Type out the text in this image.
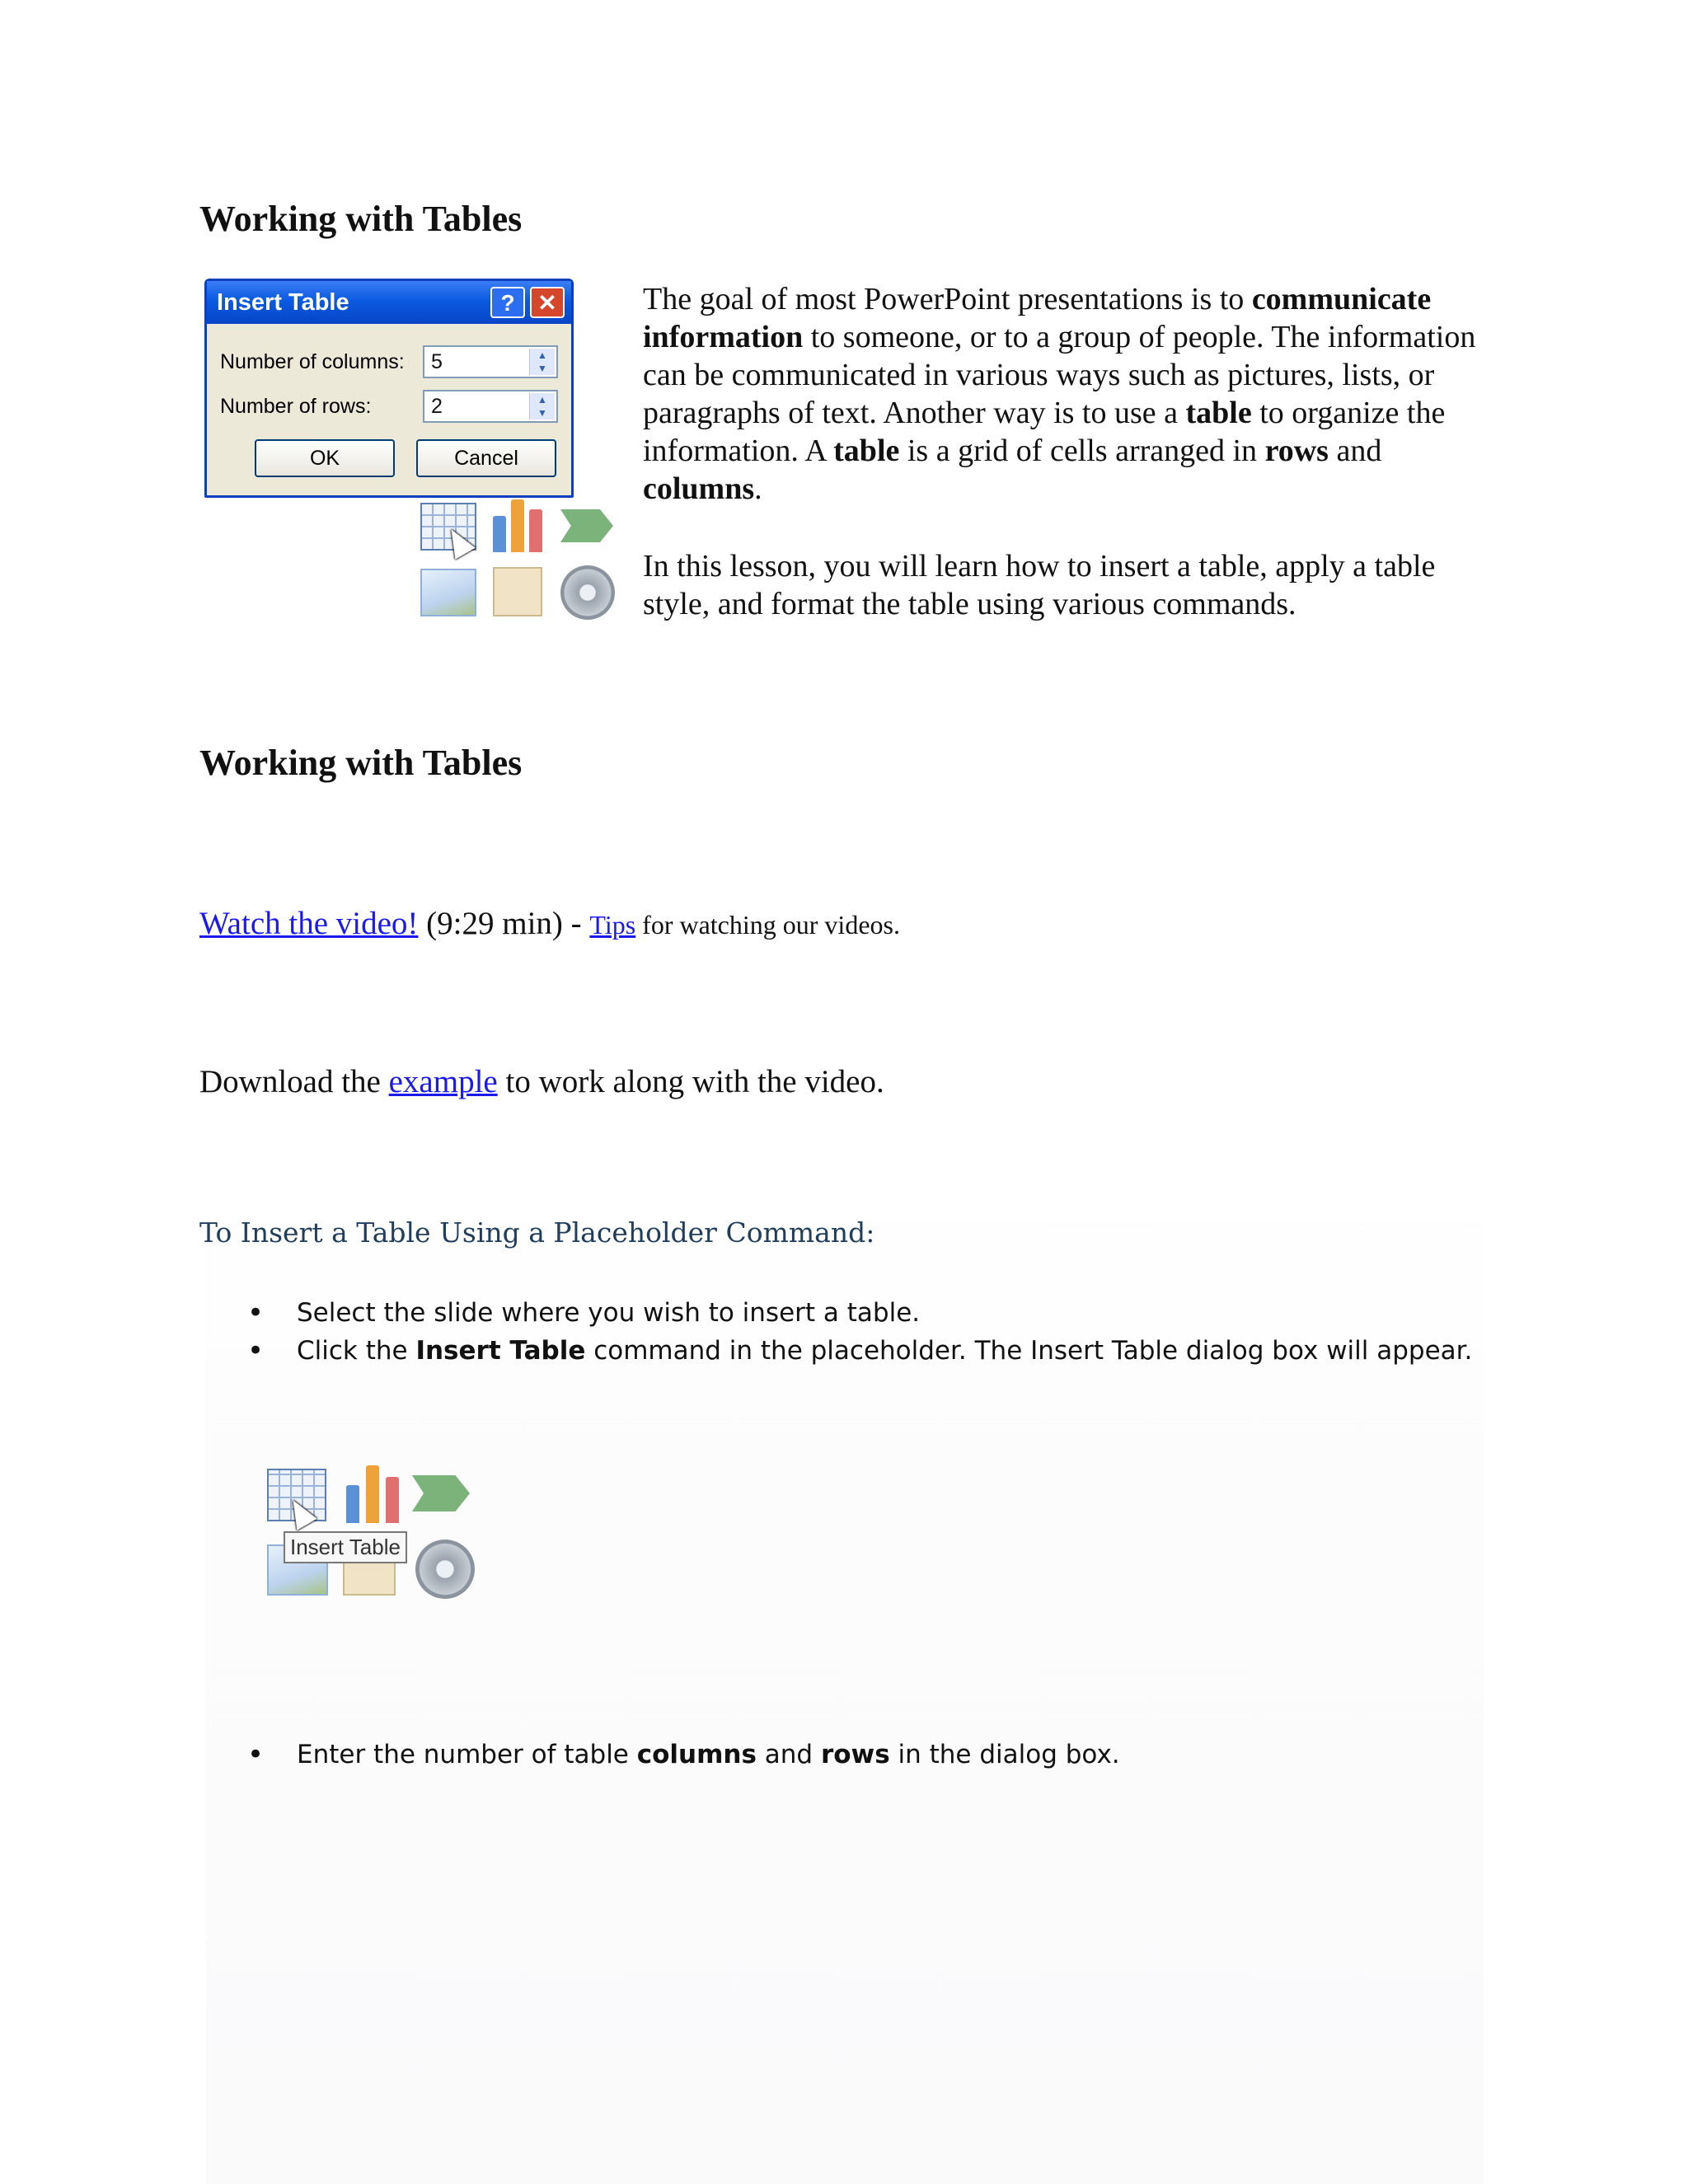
Working with Tables
Insert Table	? ✕
Number of columns:	5	▲
▼
Number of rows:	2	▲
▼
OK	Cancel
The goal of most PowerPoint presentations is to communicate information to someone, or to a group of people. The information can be communicated in various ways such as pictures, lists, or paragraphs of text. Another way is to use a table to organize the information. A table is a grid of cells arranged in rows and columns.
In this lesson, you will learn how to insert a table, apply a table style, and format the table using various commands.
Working with Tables
Watch the video! (9:29 min) - Tips for watching our videos.
Download the example to work along with the video.
To Insert a Table Using a Placeholder Command:
• Select the slide where you wish to insert a table.
• Click the Insert Table command in the placeholder. The Insert Table dialog box will appear.
Insert Table
• Enter the number of table columns and rows in the dialog box.
